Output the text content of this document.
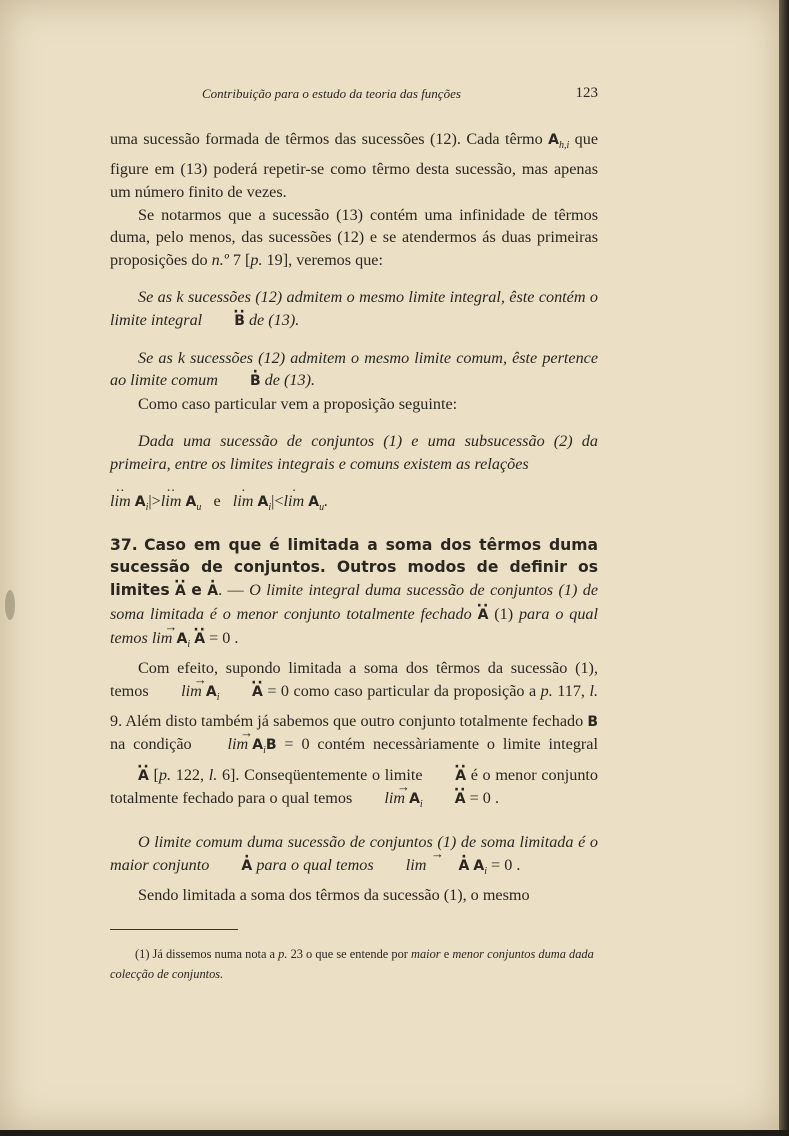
Contribuição para o estudo da teoria das funções	123

uma sucessão formada de têrmos das sucessões (12). Cada têrmo $A_{h,i}$ que figure em (13) poderá repetir-se como têrmo desta sucessão, mas apenas um número finito de vezes.

Se notarmos que a sucessão (13) contém uma infinidade de têrmos duma, pelo menos, das sucessões (12) e se atendermos ás duas primeiras proposições do n.º 7 [p. 19], veremos que:

Se as k sucessões (12) admitem o mesmo limite integral, êste contém o limite integral ·· B de (13).

Se as k sucessões (12) admitem o mesmo limite comum, êste pertence ao limite comum · B de (13).

Como caso particular vem a proposição seguinte:

Dada uma sucessão de conjuntos (1) e uma subsucessão (2) da primeira, entre os limites integrais e comuns existem as relações

·· $\lim A_i|>\cdot\cdot \lim A_u$ $e \cdot \lim A_i|<\cdot \lim A_u$.

37. Caso em que é limitada a soma dos têrmos duma sucessão de conjuntos. Outros modos de definir os limites ·· A e · A. — O limite integral duma sucessão de conjuntos (1) de soma limitada é o menor conjunto totalmente fechado ·· A (1) para o qual temos → $\lim A_i \cdot\cdot A = 0$ .

Com efeito, supondo limitada a soma dos têrmos da sucessão (1), temos → $\lim A_i \cdot\cdot A = 0$ como caso particular da proposição a p. 117, l. 9. Além disto também já sabemos que outro conjunto totalmente fechado B na condição → $\lim A_iB = 0$ contém necessàriamente o limite integral ·· A [p. 122, l. 6]. Conseqüentemente o limite ·· A é o menor conjunto totalmente fechado para o qual temos → $\lim A_i \cdot\cdot A = 0$ .

O limite comum duma sucessão de conjuntos (1) de soma limitada é o maior conjunto · A para o qual temos → lim · A $A_i = 0$ .

Sendo limitada a soma dos têrmos da sucessão (1), o mesmo

(1) Já dissemos numa nota a p. 23 o que se entende por maior e menor conjuntos duma dada colecção de conjuntos.
